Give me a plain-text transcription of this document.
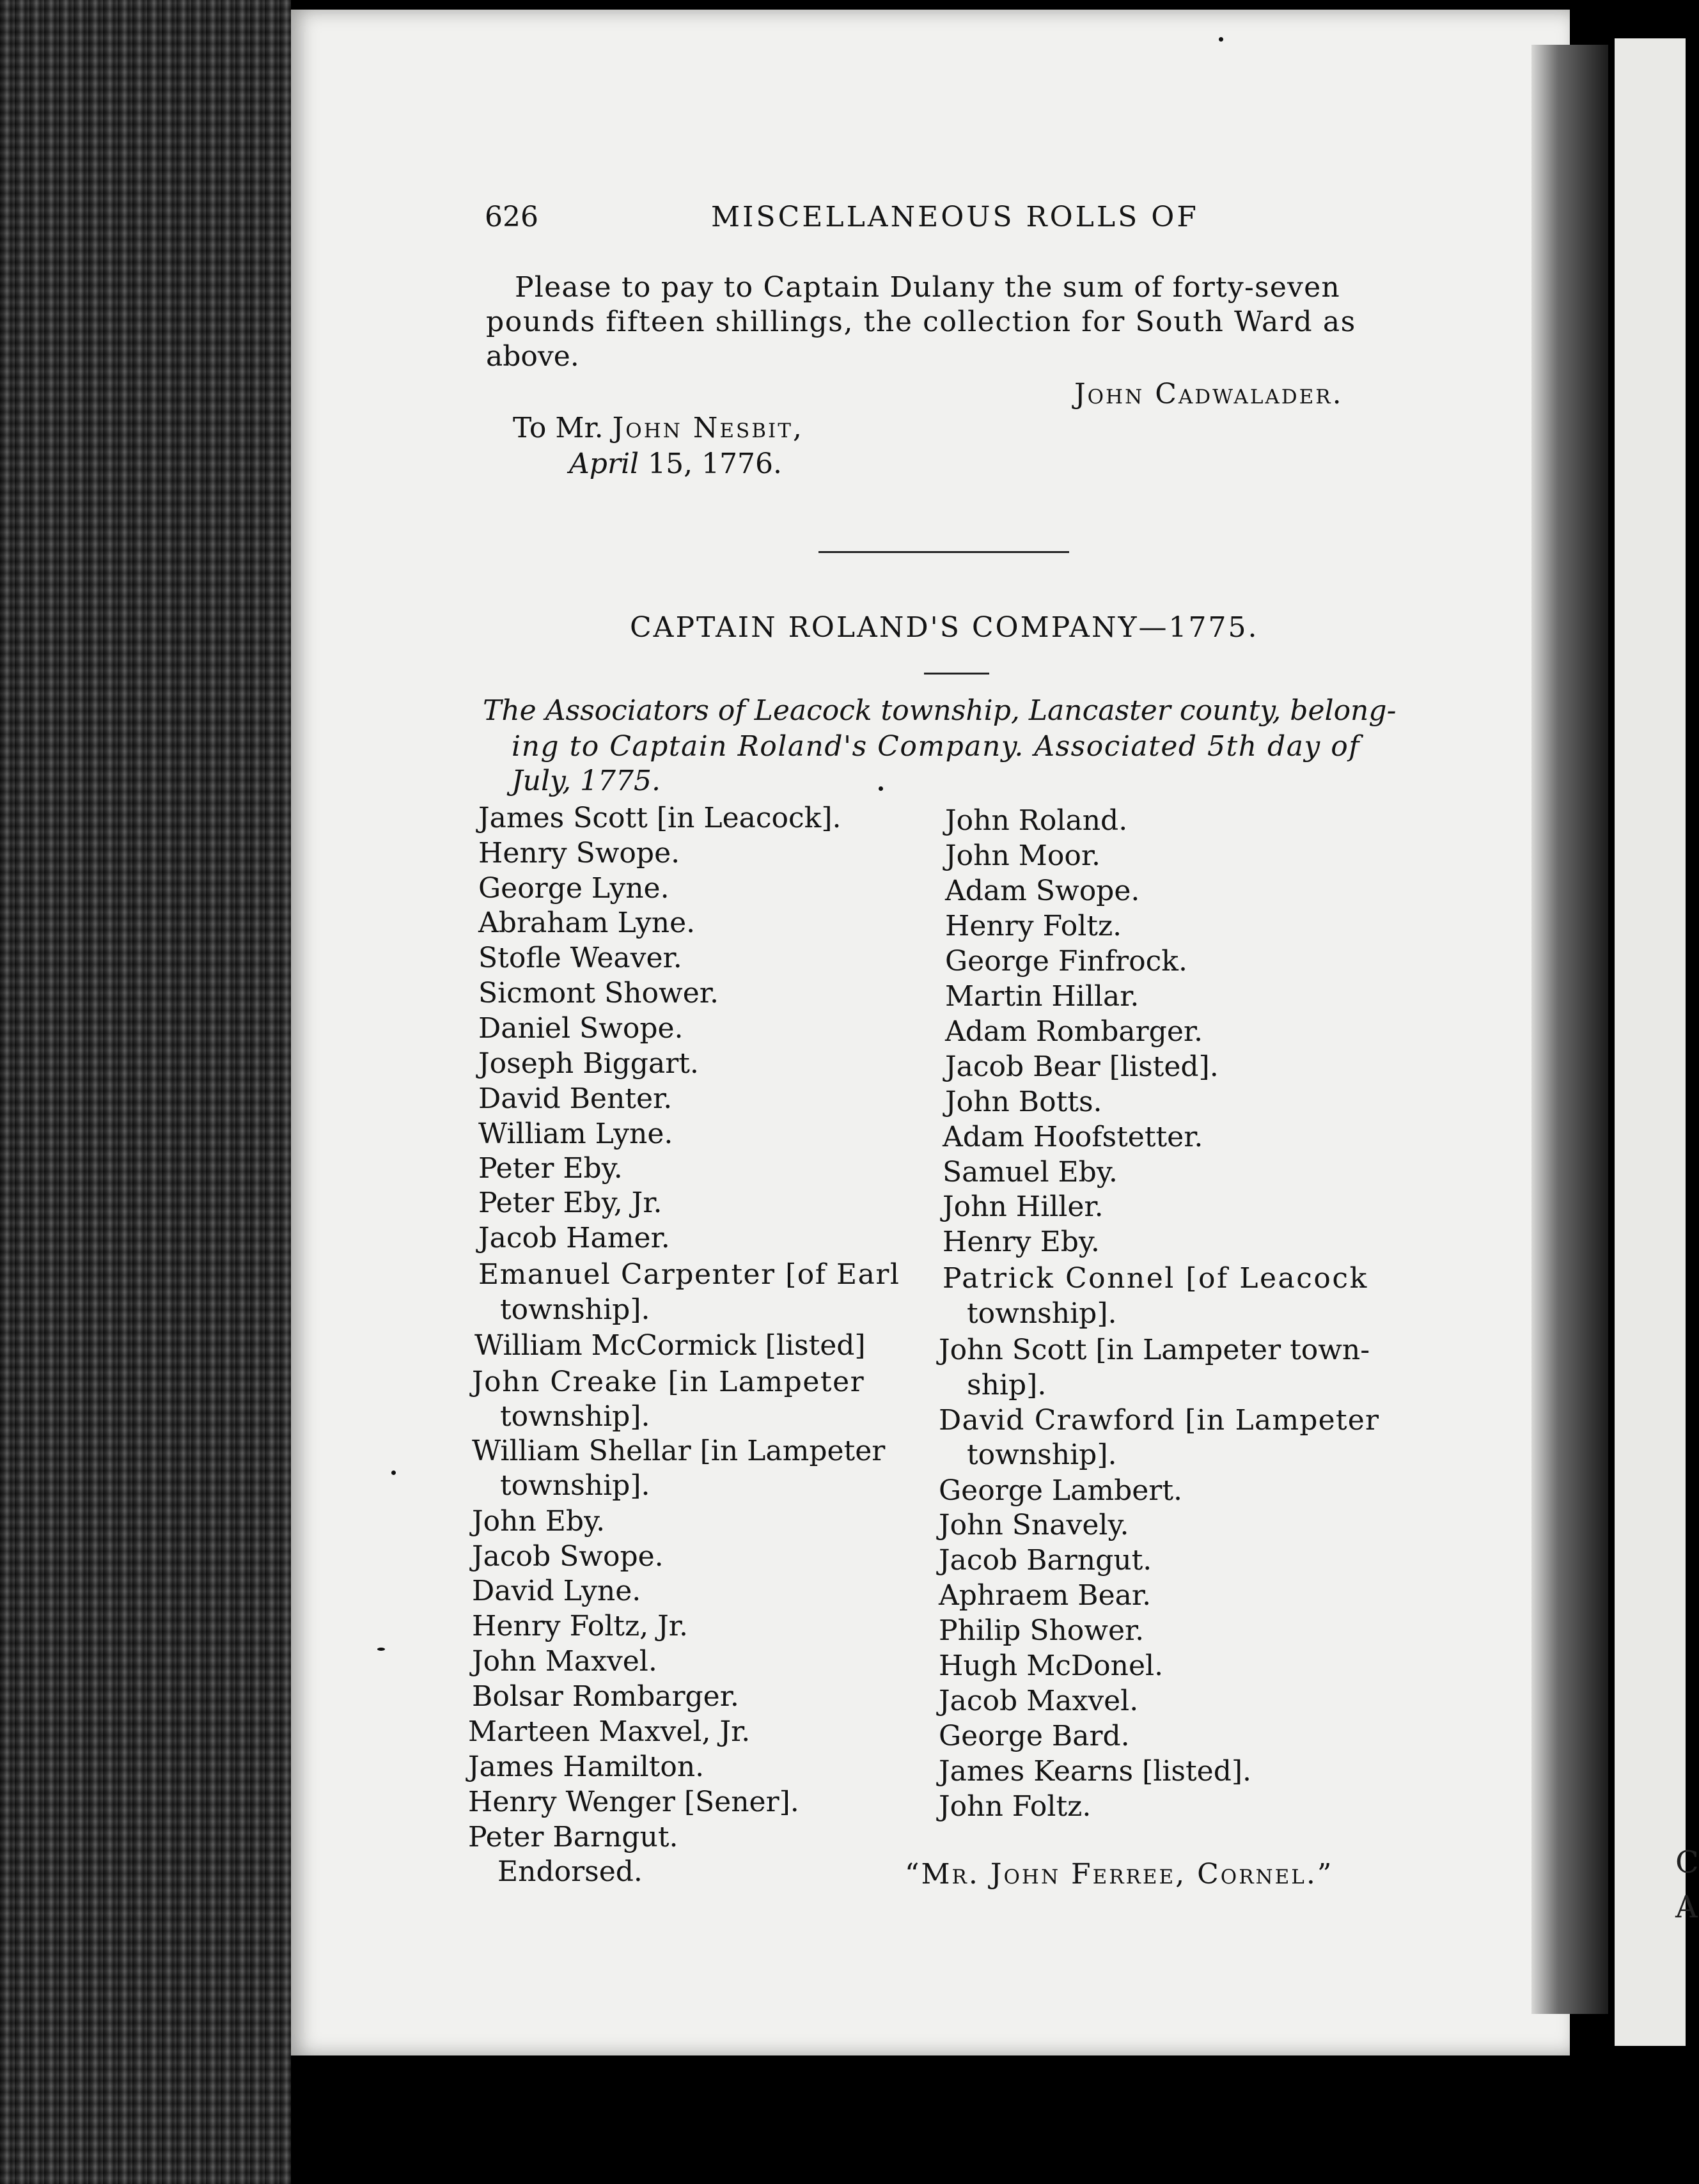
C
A
626	MISCELLANEOUS ROLLS OF
Please to pay to Captain Dulany the sum of forty-seven
pounds fifteen shillings, the collection for South Ward as
above.
John Cadwalader.
To Mr. John Nesbit,
April 15, 1776.
CAPTAIN ROLAND'S COMPANY—1775.
The Associators of Leacock township, Lancaster county, belong-
ing to Captain Roland's Company. Associated 5th day of
July, 1775.
James Scott [in Leacock].
Henry Swope.
George Lyne.
Abraham Lyne.
Stofle Weaver.
Sicmont Shower.
Daniel Swope.
Joseph Biggart.
David Benter.
William Lyne.
Peter Eby.
Peter Eby, Jr.
Jacob Hamer.
Emanuel Carpenter [of Earl
township].
William McCormick [listed]
John Creake [in Lampeter
township].
William Shellar [in Lampeter
township].
John Eby.
Jacob Swope.
David Lyne.
Henry Foltz, Jr.
John Maxvel.
Bolsar Rombarger.
Marteen Maxvel, Jr.
James Hamilton.
Henry Wenger [Sener].
Peter Barngut.
Endorsed.
John Roland.
John Moor.
Adam Swope.
Henry Foltz.
George Finfrock.
Martin Hillar.
Adam Rombarger.
Jacob Bear [listed].
John Botts.
Adam Hoofstetter.
Samuel Eby.
John Hiller.
Henry Eby.
Patrick Connel [of Leacock
township].
John Scott [in Lampeter town-
ship].
David Crawford [in Lampeter
township].
George Lambert.
John Snavely.
Jacob Barngut.
Aphraem Bear.
Philip Shower.
Hugh McDonel.
Jacob Maxvel.
George Bard.
James Kearns [listed].
John Foltz.
“Mr. John Ferree, Cornel.”
